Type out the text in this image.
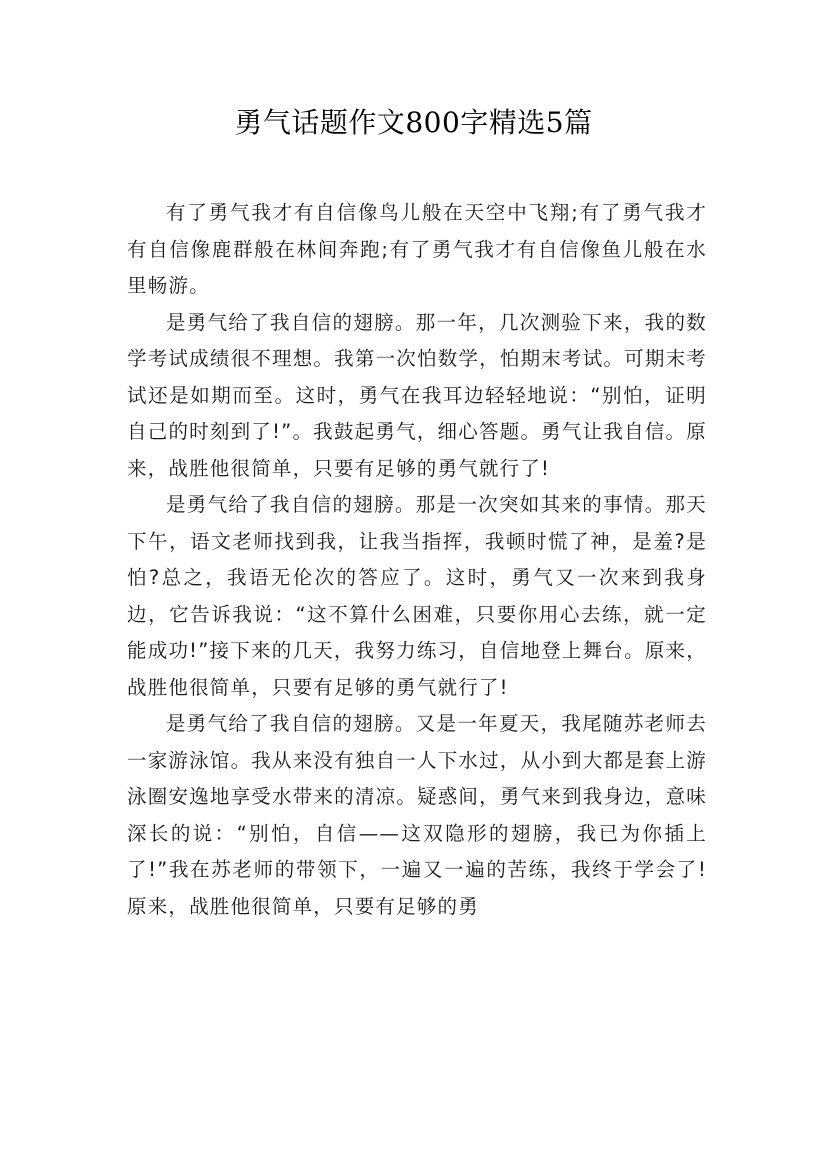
勇气话题作文800字精选5篇

有了勇气我才有自信像鸟儿般在天空中飞翔;有了勇气我才有自信像鹿群般在林间奔跑;有了勇气我才有自信像鱼儿般在水里畅游。

是勇气给了我自信的翅膀。那一年，几次测验下来，我的数学考试成绩很不理想。我第一次怕数学，怕期末考试。可期末考试还是如期而至。这时，勇气在我耳边轻轻地说：“别怕，证明自己的时刻到了!”。我鼓起勇气，细心答题。勇气让我自信。原来，战胜他很简单，只要有足够的勇气就行了!

是勇气给了我自信的翅膀。那是一次突如其来的事情。那天下午，语文老师找到我，让我当指挥，我顿时慌了神，是羞?是怕?总之，我语无伦次的答应了。这时，勇气又一次来到我身边，它告诉我说：“这不算什么困难，只要你用心去练，就一定能成功!”接下来的几天，我努力练习，自信地登上舞台。原来，战胜他很简单，只要有足够的勇气就行了!

是勇气给了我自信的翅膀。又是一年夏天，我尾随苏老师去一家游泳馆。我从来没有独自一人下水过，从小到大都是套上游泳圈安逸地享受水带来的清凉。疑惑间，勇气来到我身边，意味深长的说：“别怕，自信——这双隐形的翅膀，我已为你插上了!”我在苏老师的带领下，一遍又一遍的苦练，我终于学会了!原来，战胜他很简单，只要有足够的勇
